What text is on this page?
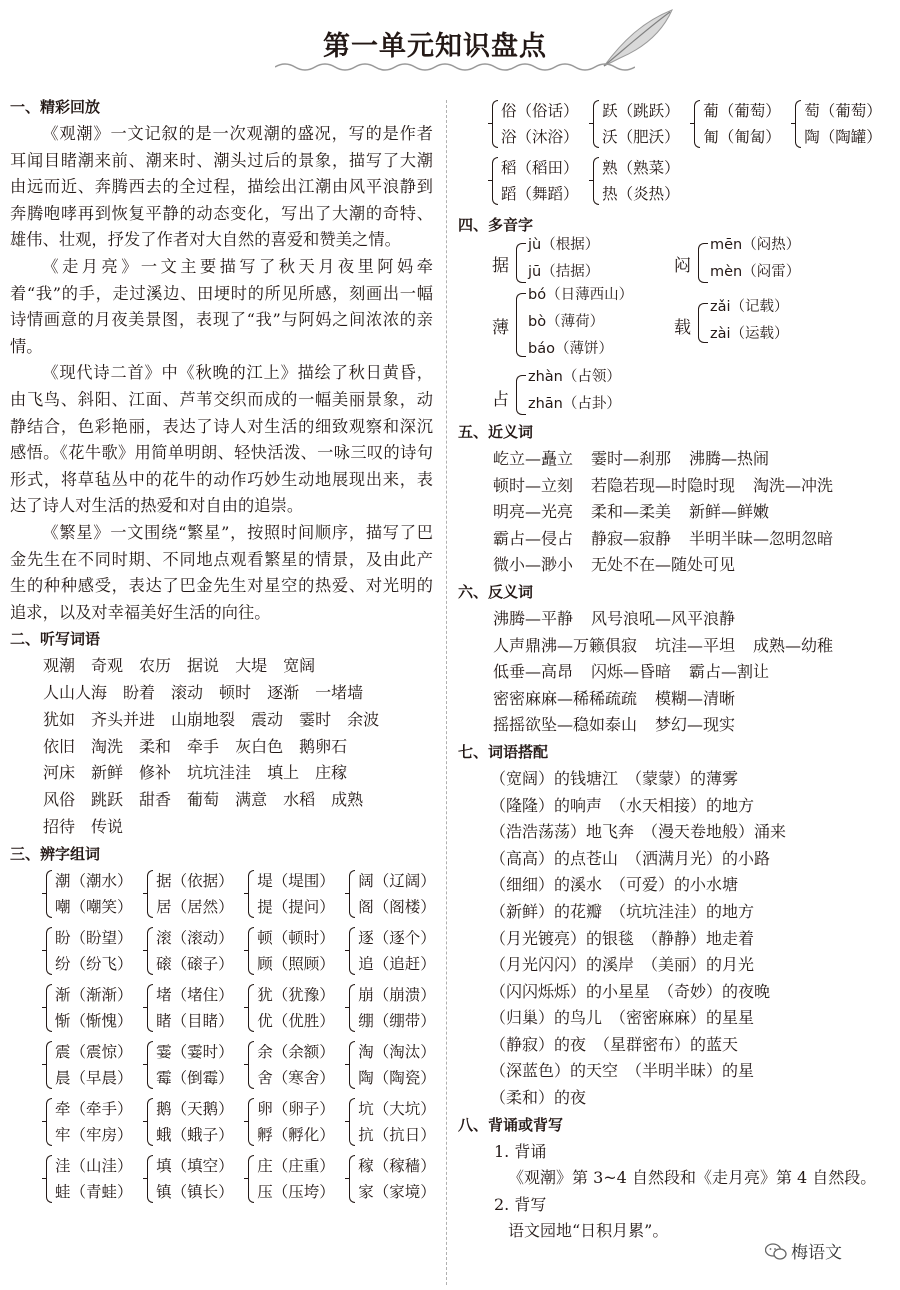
第一单元知识盘点
一、精彩回放

《观潮》一文记叙的是一次观潮的盛况，写的是作者耳闻目睹潮来前、潮来时、潮头过后的景象，描写了大潮由远而近、奔腾西去的全过程，描绘出江潮由风平浪静到奔腾咆哮再到恢复平静的动态变化，写出了大潮的奇特、雄伟、壮观，抒发了作者对大自然的喜爱和赞美之情。

《走月亮》一文主要描写了秋天月夜里阿妈牵着“我”的手，走过溪边、田埂时的所见所感，刻画出一幅诗情画意的月夜美景图，表现了“我”与阿妈之间浓浓的亲情。

《现代诗二首》中《秋晚的江上》描绘了秋日黄昏，由飞鸟、斜阳、江面、芦苇交织而成的一幅美丽景象，动静结合，色彩艳丽，表达了诗人对生活的细致观察和深沉感悟。《花牛歌》用简单明朗、轻快活泼、一咏三叹的诗句形式，将草毡丛中的花牛的动作巧妙生动地展现出来，表达了诗人对生活的热爱和对自由的追崇。

《繁星》一文围绕“繁星”，按照时间顺序，描写了巴金先生在不同时期、不同地点观看繁星的情景，及由此产生的种种感受，表达了巴金先生对星空的热爱、对光明的追求，以及对幸福美好生活的向往。

二、听写词语
观潮 奇观 农历 据说 大堤 宽阔
人山人海 盼着 滚动 顿时 逐渐 一堵墙
犹如 齐头并进 山崩地裂 震动 霎时 余波
依旧 淘洗 柔和 牵手 灰白色 鹅卵石
河床 新鲜 修补 坑坑洼洼 填上 庄稼
风俗 跳跃 甜香 葡萄 满意 水稻 成熟
招待 传说
三、辨字组词
潮（潮水）
嘲（嘲笑）

据（依据）
居（居然）

堤（堤围）
提（提问）

阔（辽阔）
阁（阁楼）
盼（盼望）
纷（纷飞）

滚（滚动）
磙（磙子）

顿（顿时）
顾（照顾）

逐（逐个）
追（追赶）
渐（渐渐）
惭（惭愧）

堵（堵住）
睹（目睹）

犹（犹豫）
优（优胜）

崩（崩溃）
绷（绷带）
震（震惊）
晨（早晨）

霎（霎时）
霉（倒霉）

余（余额）
舍（寒舍）

淘（淘汰）
陶（陶瓷）
牵（牵手）
牢（牢房）

鹅（天鹅）
蛾（蛾子）

卵（卵子）
孵（孵化）

坑（大坑）
抗（抗日）
洼（山洼）
蛙（青蛙）

填（填空）
镇（镇长）

庄（庄重）
压（压垮）

稼（稼穑）
家（家境）
俗（俗话）
浴（沐浴）

跃（跳跃）
沃（肥沃）

葡（葡萄）
匍（匍匐）

萄（葡萄）
陶（陶罐）
稻（稻田）
蹈（舞蹈）

熟（熟菜）
热（炎热）
四、多音字
据
jù（根据）
jū（拮据）	闷
mēn（闷热）
mèn（闷雷）
薄
bó（日薄西山）
bò（薄荷）
báo（薄饼）
载
zǎi（记载）
zài（运载）
占
zhàn（占领）
zhān（占卦）
五、近义词
屹立—矗立 霎时—刹那 沸腾—热闹
顿时—立刻 若隐若现—时隐时现 淘洗—冲洗
明亮—光亮 柔和—柔美 新鲜—鲜嫩
霸占—侵占 静寂—寂静 半明半昧—忽明忽暗
微小—渺小 无处不在—随处可见
六、反义词
沸腾—平静 风号浪吼—风平浪静
人声鼎沸—万籁俱寂 坑洼—平坦 成熟—幼稚
低垂—高昂 闪烁—昏暗 霸占—割让
密密麻麻—稀稀疏疏 模糊—清晰
摇摇欲坠—稳如泰山 梦幻—现实
七、词语搭配
（宽阔）的钱塘江　（蒙蒙）的薄雾
（隆隆）的响声　（水天相接）的地方
（浩浩荡荡）地飞奔　（漫天卷地般）涌来
（高高）的点苍山　（洒满月光）的小路
（细细）的溪水　（可爱）的小水塘
（新鲜）的花瓣　（坑坑洼洼）的地方
（月光镀亮）的银毯　（静静）地走着
（月光闪闪）的溪岸　（美丽）的月光
（闪闪烁烁）的小星星　（奇妙）的夜晚
（归巢）的鸟儿　（密密麻麻）的星星
（静寂）的夜　（星群密布）的蓝天
（深蓝色）的天空　（半明半昧）的星
（柔和）的夜
八、背诵或背写
1. 背诵
《观潮》第 3~4 自然段和《走月亮》第 4 自然段。
2. 背写
语文园地“日积月累”。
梅语文
